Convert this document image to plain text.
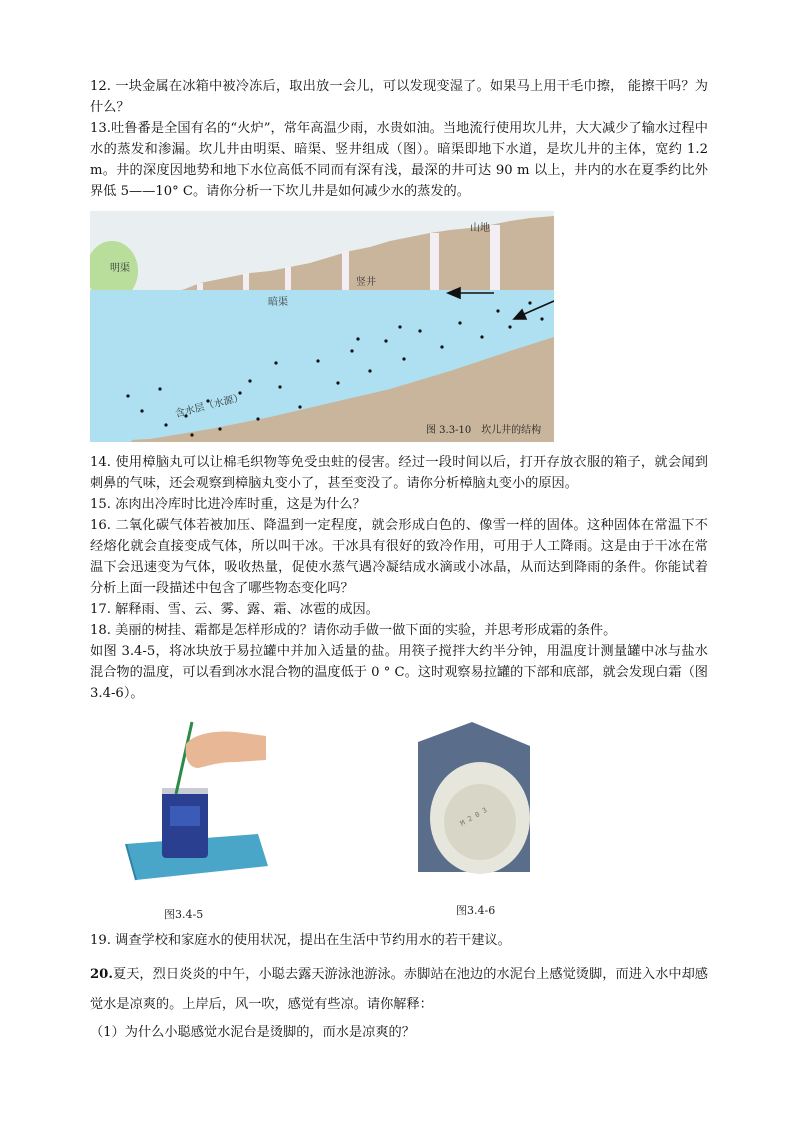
12. 一块金属在冰箱中被冷冻后，取出放一会儿，可以发现变湿了。如果马上用干毛巾擦， 能擦干吗？为什么？

13.吐鲁番是全国有名的“火炉”，常年高温少雨，水贵如油。当地流行使用坎儿井，大大减少了输水过程中水的蒸发和渗漏。坎儿井由明渠、暗渠、竖井组成（图）。暗渠即地下水道，是坎儿井的主体，宽约 1.2 m。井的深度因地势和地下水位高低不同而有深有浅，最深的井可达 90 m 以上，井内的水在夏季约比外界低 5——10° C。请你分析一下坎儿井是如何减少水的蒸发的。

明渠
暗渠
竖井
山地
含水层（水源）
图 3.3-10　坎儿井的结构

14. 使用樟脑丸可以让棉毛织物等免受虫蛀的侵害。经过一段时间以后，打开存放衣服的箱子，就会闻到刺鼻的气味，还会观察到樟脑丸变小了，甚至变没了。请你分析樟脑丸变小的原因。

15. 冻肉出冷库时比进冷库时重，这是为什么？

16. 二氧化碳气体若被加压、降温到一定程度，就会形成白色的、像雪一样的固体。这种固体在常温下不经熔化就会直接变成气体，所以叫干冰。干冰具有很好的致冷作用，可用于人工降雨。这是由于干冰在常温下会迅速变为气体，吸收热量，促使水蒸气遇冷凝结成水滴或小冰晶，从而达到降雨的条件。你能试着分析上面一段描述中包含了哪些物态变化吗？

17. 解释雨、雪、云、雾、露、霜、冰雹的成因。

18. 美丽的树挂、霜都是怎样形成的？请你动手做一做下面的实验，并思考形成霜的条件。

如图 3.4-5，将冰块放于易拉罐中并加入适量的盐。用筷子搅拌大约半分钟，用温度计测量罐中冰与盐水混合物的温度，可以看到冰水混合物的温度低于 0 ° C。这时观察易拉罐的下部和底部，就会发现白霜（图 3.4-6）。

图3.4-5
M 2 0 3
图3.4-6

19. 调查学校和家庭水的使用状况，提出在生活中节约用水的若干建议。

20.夏天，烈日炎炎的中午，小聪去露天游泳池游泳。赤脚站在池边的水泥台上感觉烫脚，而进入水中却感觉水是凉爽的。上岸后，风一吹，感觉有些凉。请你解释：

（1）为什么小聪感觉水泥台是烫脚的，而水是凉爽的？
